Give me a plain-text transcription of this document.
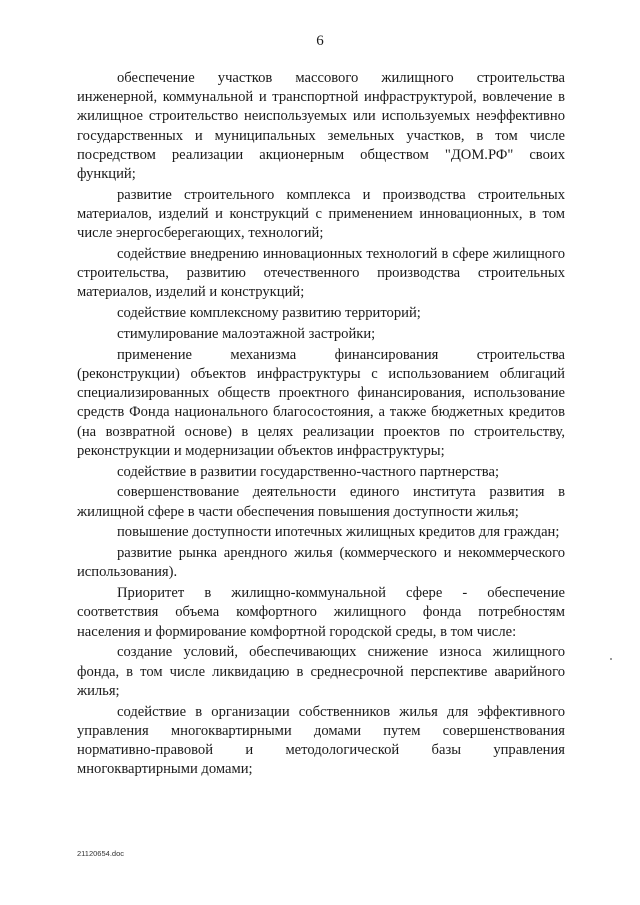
6

обеспечение участков массового жилищного строительства инженерной, коммунальной и транспортной инфраструктурой, вовлечение в жилищное строительство неиспользуемых или используемых неэффективно государственных и муниципальных земельных участков, в том числе посредством реализации акционерным обществом "ДОМ.РФ" своих функций;

развитие строительного комплекса и производства строительных материалов, изделий и конструкций с применением инновационных, в том числе энергосберегающих, технологий;

содействие внедрению инновационных технологий в сфере жилищного строительства, развитию отечественного производства строительных материалов, изделий и конструкций;

содействие комплексному развитию территорий;

стимулирование малоэтажной застройки;

применение механизма финансирования строительства (реконструкции) объектов инфраструктуры с использованием облигаций специализированных обществ проектного финансирования, использование средств Фонда национального благосостояния, а также бюджетных кредитов (на возвратной основе) в целях реализации проектов по строительству, реконструкции и модернизации объектов инфраструктуры;

содействие в развитии государственно-частного партнерства;

совершенствование деятельности единого института развития в жилищной сфере в части обеспечения повышения доступности жилья;

повышение доступности ипотечных жилищных кредитов для граждан;

развитие рынка арендного жилья (коммерческого и некоммерческого использования).

Приоритет в жилищно-коммунальной сфере - обеспечение соответствия объема комфортного жилищного фонда потребностям населения и формирование комфортной городской среды, в том числе:

создание условий, обеспечивающих снижение износа жилищного фонда, в том числе ликвидацию в среднесрочной перспективе аварийного жилья;

содействие в организации собственников жилья для эффективного управления многоквартирными домами путем совершенствования нормативно-правовой и методологической базы управления многоквартирными домами;

21120654.doc
